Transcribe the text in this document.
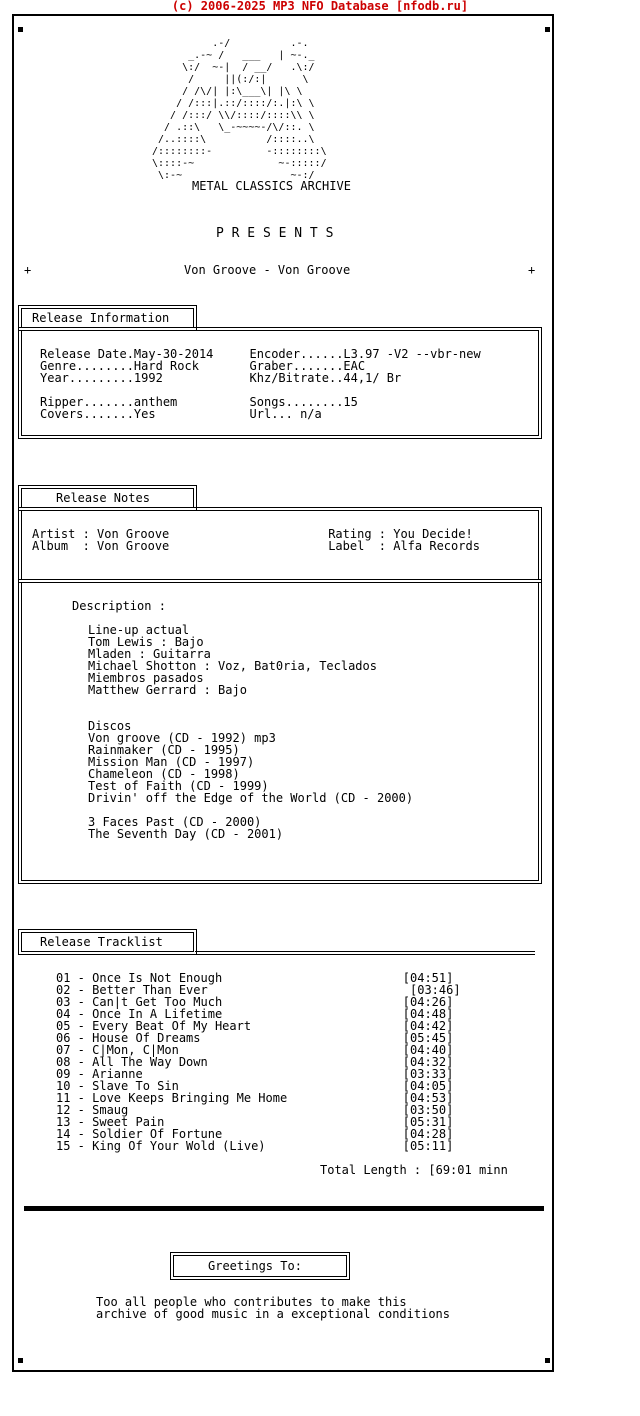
(c) 2006-2025 MP3 NFO Database [nfodb.ru]
.-/          .-.
_.-~ /   ___   | ~-._
\:/  ~-|  / __/   .\:/
/     ||(:/:|      \
/ /\/| |:\___\| |\ \
/ /:::|.::/::::/:.|:\ \
/ /:::/ \\/::::/::::\\ \
/ .::\   \_-~~~~-/\/::. \
/..::::\          /::::..\
/::::::::-         -::::::::\
\::::-~              ~-:::::/
\:-~                  ~-:/
METAL CLASSICS ARCHIVE
P R E S E N T S
+	Von Groove - Von Groove	+
Release Information
Release Date.May-30-2014     Encoder......L3.97 -V2 --vbr-new
Genre........Hard Rock       Graber.......EAC
Year.........1992            Khz/Bitrate..44,1/ Br
Ripper.......anthem          Songs........15
Covers.......Yes             Url... n/a
Release Notes
Artist : Von Groove                      Rating : You Decide!
Album  : Von Groove                      Label  : Alfa Records
Description :
Line-up actual
Tom Lewis : Bajo
Mladen : Guitarra
Michael Shotton : Voz, Bat0ria, Teclados
Miembros pasados
Matthew Gerrard : Bajo
Discos
Von groove (CD - 1992) mp3
Rainmaker (CD - 1995)
Mission Man (CD - 1997)
Chameleon (CD - 1998)
Test of Faith (CD - 1999)
Drivin' off the Edge of the World (CD - 2000)
3 Faces Past (CD - 2000)
The Seventh Day (CD - 2001)
Release Tracklist
01 - Once Is Not Enough                         [04:51]
02 - Better Than Ever                            [03:46]
03 - Can|t Get Too Much                         [04:26]
04 - Once In A Lifetime                         [04:48]
05 - Every Beat Of My Heart                     [04:42]
06 - House Of Dreams                            [05:45]
07 - C|Mon, C|Mon                               [04:40]
08 - All The Way Down                           [04:32]
09 - Arianne                                    [03:33]
10 - Slave To Sin                               [04:05]
11 - Love Keeps Bringing Me Home                [04:53]
12 - Smaug                                      [03:50]
13 - Sweet Pain                                 [05:31]
14 - Soldier Of Fortune                         [04:28]
15 - King Of Your Wold (Live)                   [05:11]
Total Length : [69:01 minn
Greetings To:
Too all people who contributes to make this
archive of good music in a exceptional conditions
